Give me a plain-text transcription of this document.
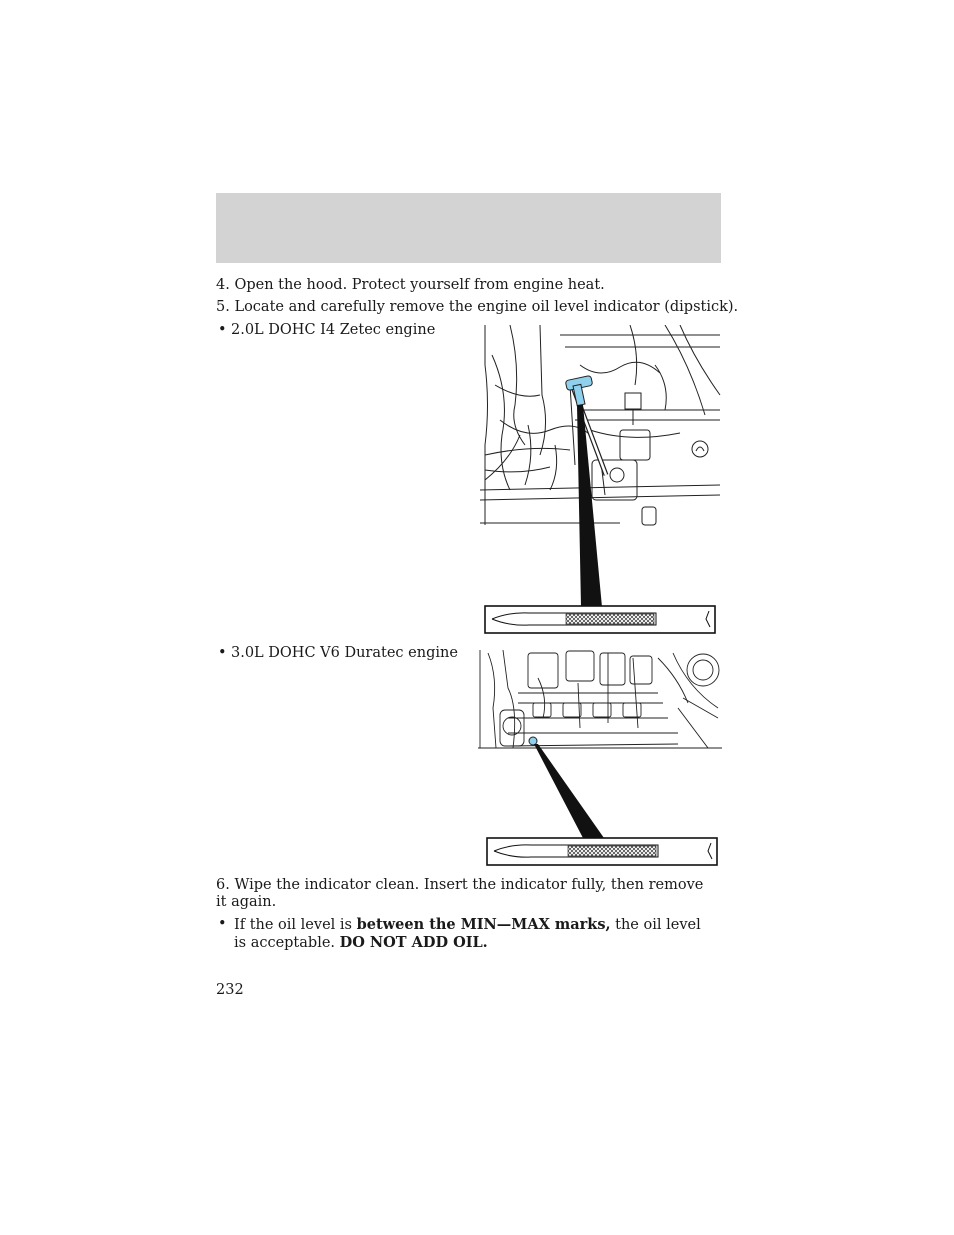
4. Open the hood. Protect yourself from engine heat.
5. Locate and carefully remove the engine oil level indicator (dipstick).
• 2.0L DOHC I4 Zetec engine
• 3.0L DOHC V6 Duratec engine
6. Wipe the indicator clean. Insert the indicator fully, then remove it again.
• If the oil level is between the MIN—MAX marks, the oil level is acceptable. DO NOT ADD OIL.
232
